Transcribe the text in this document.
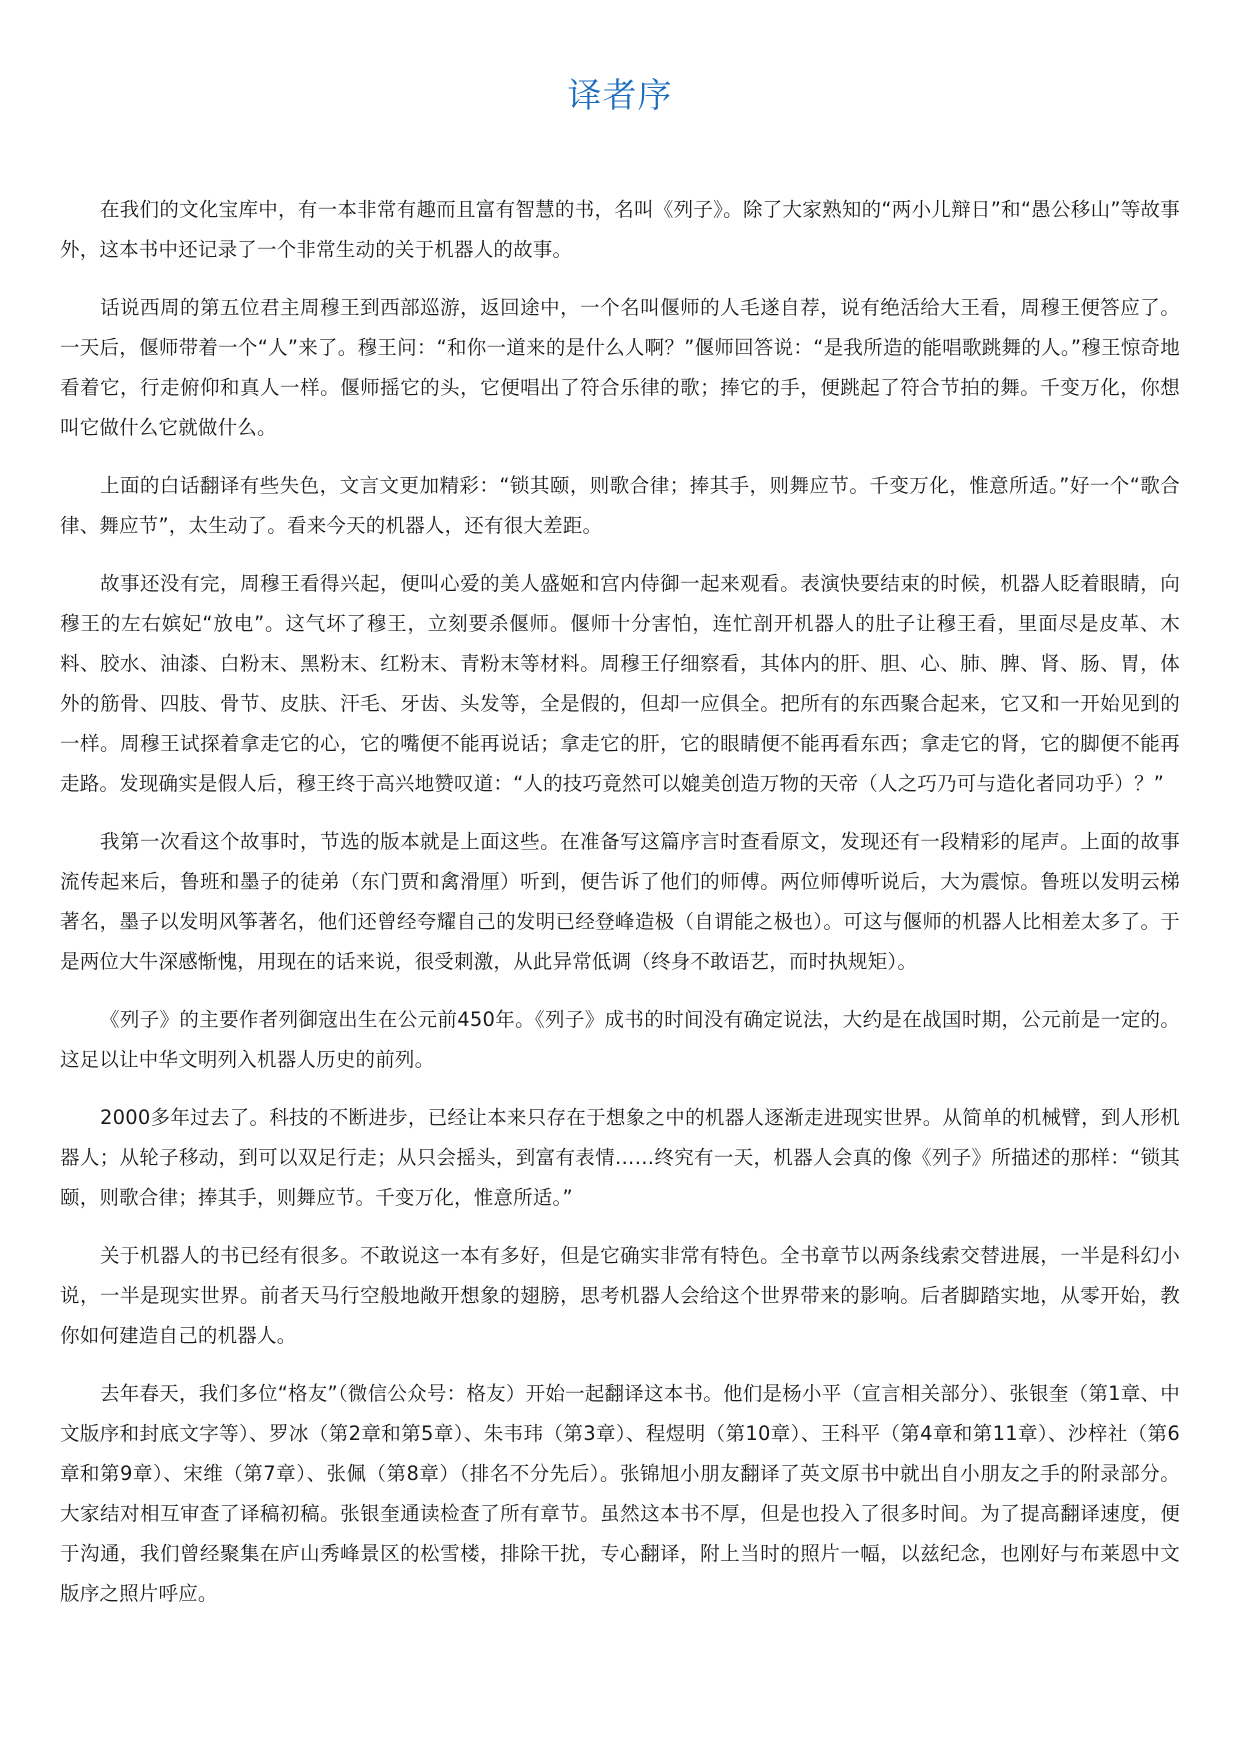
译者序

在我们的文化宝库中，有一本非常有趣而且富有智慧的书，名叫《列子》。除了大家熟知的“两小儿辩日”和“愚公移山”等故事外，这本书中还记录了一个非常生动的关于机器人的故事。

话说西周的第五位君主周穆王到西部巡游，返回途中，一个名叫偃师的人毛遂自荐，说有绝活给大王看，周穆王便答应了。一天后，偃师带着一个“人”来了。穆王问：“和你一道来的是什么人啊？”偃师回答说：“是我所造的能唱歌跳舞的人。”穆王惊奇地看着它，行走俯仰和真人一样。偃师摇它的头，它便唱出了符合乐律的歌；捧它的手，便跳起了符合节拍的舞。千变万化，你想叫它做什么它就做什么。

上面的白话翻译有些失色，文言文更加精彩：“锁其颐，则歌合律；捧其手，则舞应节。千变万化，惟意所适。”好一个“歌合律、舞应节”，太生动了。看来今天的机器人，还有很大差距。

故事还没有完，周穆王看得兴起，便叫心爱的美人盛姬和宫内侍御一起来观看。表演快要结束的时候，机器人眨着眼睛，向穆王的左右嫔妃“放电”。这气坏了穆王，立刻要杀偃师。偃师十分害怕，连忙剖开机器人的肚子让穆王看，里面尽是皮革、木料、胶水、油漆、白粉末、黑粉末、红粉末、青粉末等材料。周穆王仔细察看，其体内的肝、胆、心、肺、脾、肾、肠、胃，体外的筋骨、四肢、骨节、皮肤、汗毛、牙齿、头发等，全是假的，但却一应俱全。把所有的东西聚合起来，它又和一开始见到的一样。周穆王试探着拿走它的心，它的嘴便不能再说话；拿走它的肝，它的眼睛便不能再看东西；拿走它的肾，它的脚便不能再走路。发现确实是假人后，穆王终于高兴地赞叹道：“人的技巧竟然可以媲美创造万物的天帝（人之巧乃可与造化者同功乎）？”

我第一次看这个故事时，节选的版本就是上面这些。在准备写这篇序言时查看原文，发现还有一段精彩的尾声。上面的故事流传起来后，鲁班和墨子的徒弟（东门贾和禽滑厘）听到，便告诉了他们的师傅。两位师傅听说后，大为震惊。鲁班以发明云梯著名，墨子以发明风筝著名，他们还曾经夸耀自己的发明已经登峰造极（自谓能之极也）。可这与偃师的机器人比相差太多了。于是两位大牛深感惭愧，用现在的话来说，很受刺激，从此异常低调（终身不敢语艺，而时执规矩）。

《列子》的主要作者列御寇出生在公元前450年。《列子》成书的时间没有确定说法，大约是在战国时期，公元前是一定的。这足以让中华文明列入机器人历史的前列。

2000多年过去了。科技的不断进步，已经让本来只存在于想象之中的机器人逐渐走进现实世界。从简单的机械臂，到人形机器人；从轮子移动，到可以双足行走；从只会摇头，到富有表情……终究有一天，机器人会真的像《列子》所描述的那样：“锁其颐，则歌合律；捧其手，则舞应节。千变万化，惟意所适。”

关于机器人的书已经有很多。不敢说这一本有多好，但是它确实非常有特色。全书章节以两条线索交替进展，一半是科幻小说，一半是现实世界。前者天马行空般地敞开想象的翅膀，思考机器人会给这个世界带来的影响。后者脚踏实地，从零开始，教你如何建造自己的机器人。

去年春天，我们多位“格友”（微信公众号：格友）开始一起翻译这本书。他们是杨小平（宣言相关部分）、张银奎（第1章、中文版序和封底文字等）、罗冰（第2章和第5章）、朱韦玮（第3章）、程煜明（第10章）、王科平（第4章和第11章）、沙梓社（第6章和第9章）、宋维（第7章）、张佩（第8章）（排名不分先后）。张锦旭小朋友翻译了英文原书中就出自小朋友之手的附录部分。大家结对相互审查了译稿初稿。张银奎通读检查了所有章节。虽然这本书不厚，但是也投入了很多时间。为了提高翻译速度，便于沟通，我们曾经聚集在庐山秀峰景区的松雪楼，排除干扰，专心翻译，附上当时的照片一幅，以兹纪念，也刚好与布莱恩中文版序之照片呼应。
